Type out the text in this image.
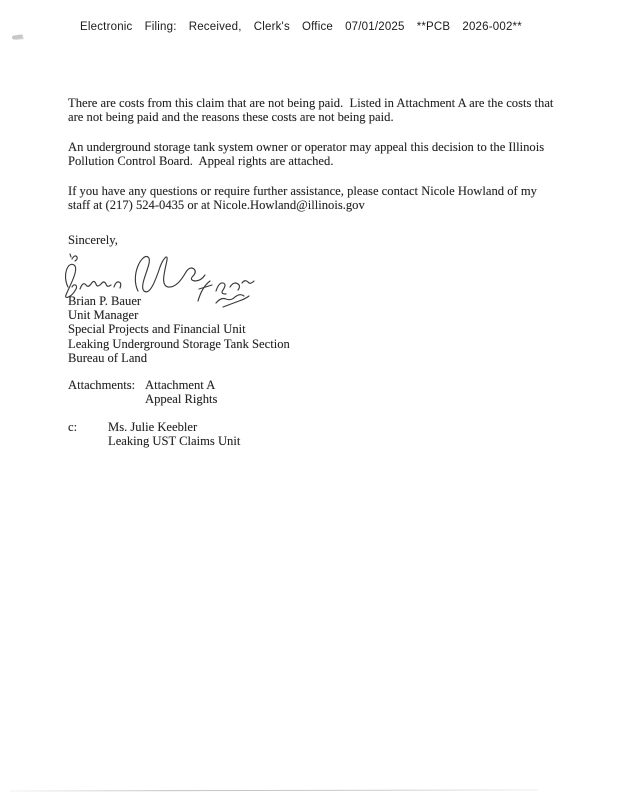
Electronic Filing: Received, Clerk's Office 07/01/2025 **PCB 2026-002**
There are costs from this claim that are not being paid.  Listed in Attachment A are the costs that are not being paid and the reasons these costs are not being paid.
An underground storage tank system owner or operator may appeal this decision to the Illinois Pollution Control Board.  Appeal rights are attached.
If you have any questions or require further assistance, please contact Nicole Howland of my staff at (217) 524-0435 or at Nicole.Howland@illinois.gov
Sincerely,
Brian P. Bauer
Unit Manager
Special Projects and Financial Unit
Leaking Underground Storage Tank Section
Bureau of Land
Attachments: Attachment A
Appeal Rights
c:	Ms. Julie Keebler
Leaking UST Claims Unit
